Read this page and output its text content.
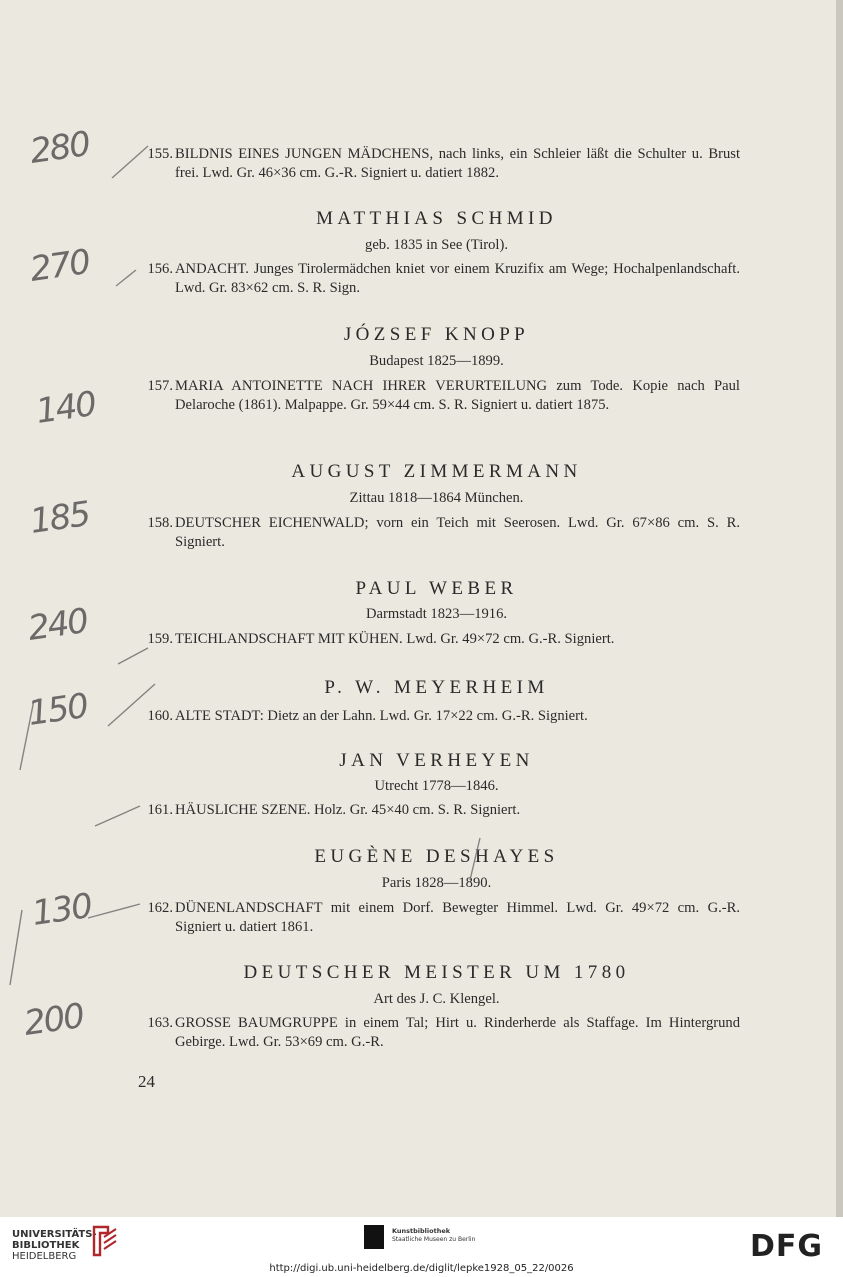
155. BILDNIS EINES JUNGEN MÄDCHENS, nach links, ein Schleier läßt die Schulter u. Brust frei. Lwd. Gr. 46×36 cm. G.-R. Signiert u. datiert 1882.
MATTHIAS SCHMID
geb. 1835 in See (Tirol).
156. ANDACHT. Junges Tirolermädchen kniet vor einem Kruzifix am Wege; Hochalpenlandschaft. Lwd. Gr. 83×62 cm. S. R. Sign.
JÓZSEF KNOPP
Budapest 1825—1899.
157. MARIA ANTOINETTE NACH IHRER VERURTEILUNG zum Tode. Kopie nach Paul Delaroche (1861). Malpappe. Gr. 59×44 cm. S. R. Signiert u. datiert 1875.
AUGUST ZIMMERMANN
Zittau 1818—1864 München.
158. DEUTSCHER EICHENWALD; vorn ein Teich mit Seerosen. Lwd. Gr. 67×86 cm. S. R. Signiert.
PAUL WEBER
Darmstadt 1823—1916.
159. TEICHLANDSCHAFT MIT KÜHEN. Lwd. Gr. 49×72 cm. G.-R. Signiert.
P. W. MEYERHEIM
160. ALTE STADT: Dietz an der Lahn. Lwd. Gr. 17×22 cm. G.-R. Signiert.
JAN VERHEYEN
Utrecht 1778—1846.
161. HÄUSLICHE SZENE. Holz. Gr. 45×40 cm. S. R. Signiert.
EUGÈNE DESHAYES
Paris 1828—1890.
162. DÜNENLANDSCHAFT mit einem Dorf. Bewegter Himmel. Lwd. Gr. 49×72 cm. G.-R. Signiert u. datiert 1861.
DEUTSCHER MEISTER UM 1780
Art des J. C. Klengel.
163. GROSSE BAUMGRUPPE in einem Tal; Hirt u. Rinderherde als Staffage. Im Hintergrund Gebirge. Lwd. Gr. 53×69 cm. G.-R.
24
280
270
140
185
240
150
130
200
UNIVERSITÄTS-
BIBLIOTHEK
HEIDELBERG
Kunstbibliothek
Staatliche Museen zu Berlin	DFG
http://digi.ub.uni-heidelberg.de/diglit/lepke1928_05_22/0026
